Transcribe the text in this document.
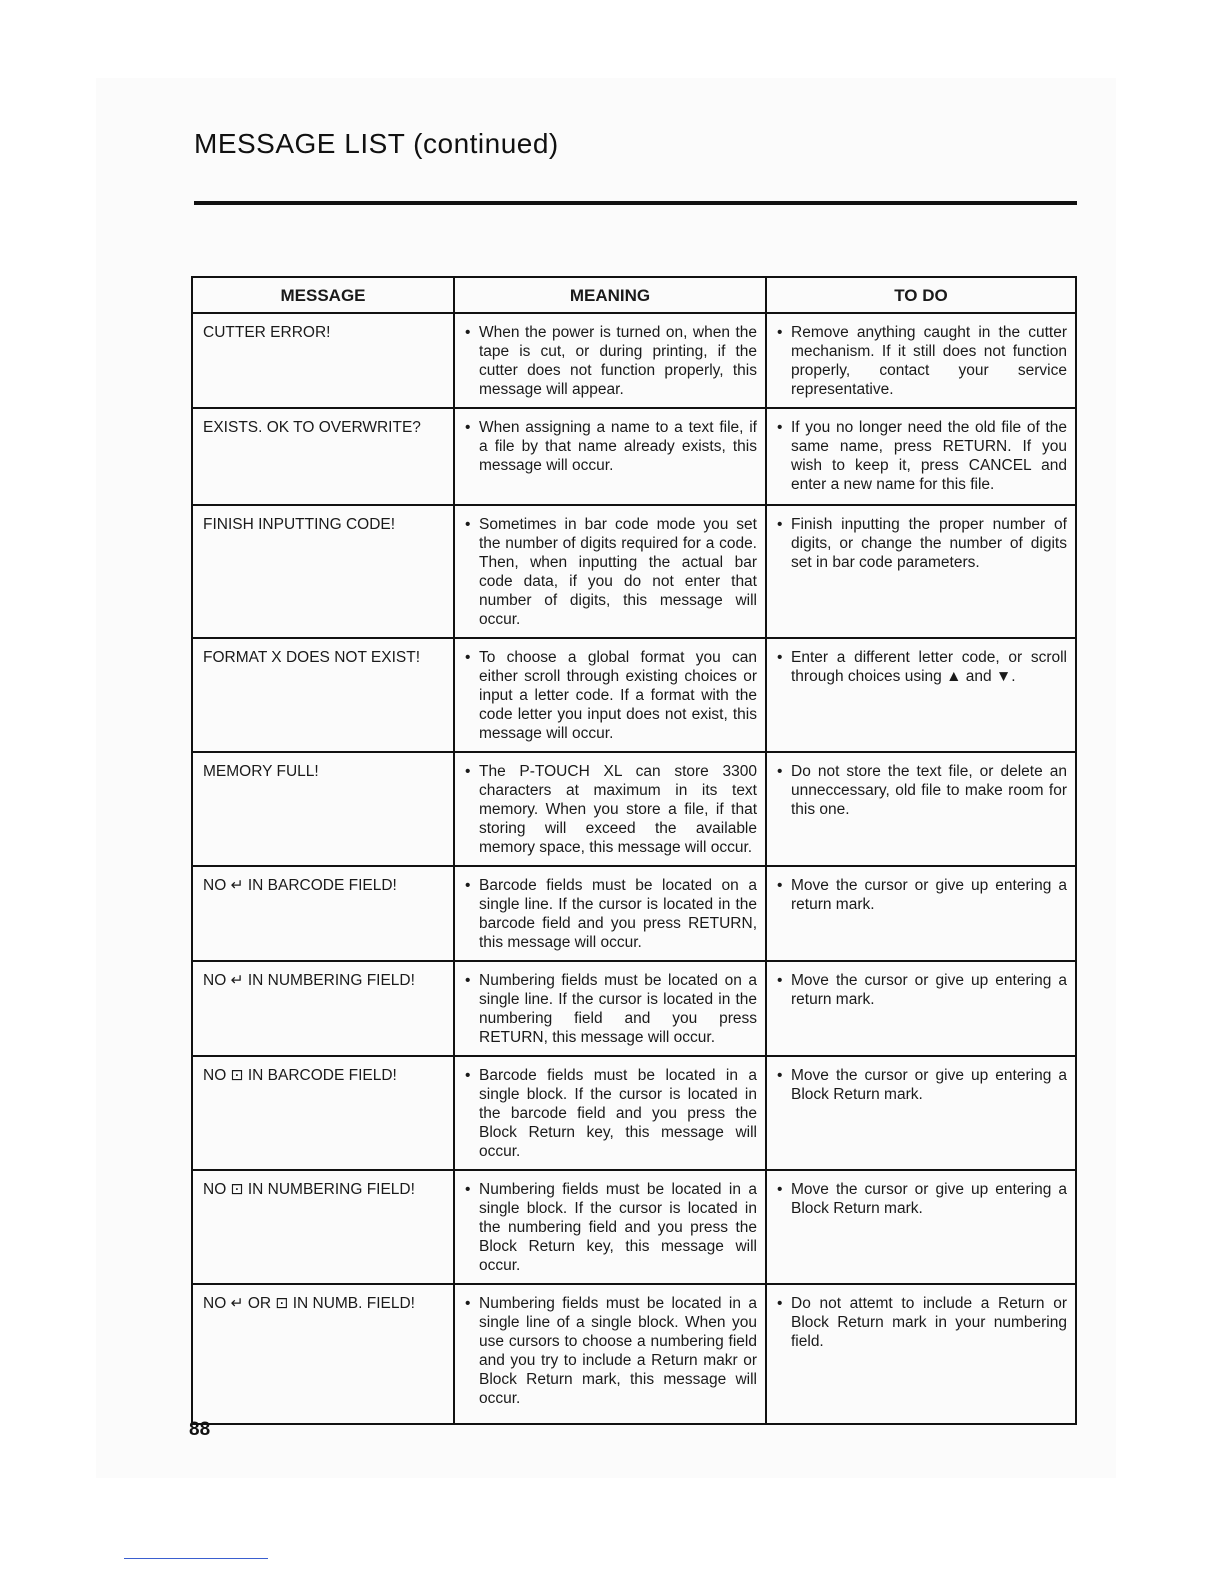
MESSAGE LIST (continued)
MESSAGE	MEANING	TO DO
CUTTER ERROR!	• When the power is turned on, when the tape is cut, or during printing, if the cutter does not function properly, this message will appear.	• Remove anything caught in the cutter mechanism. If it still does not function properly, contact your service representative.

EXISTS. OK TO OVERWRITE?	• When assigning a name to a text file, if a file by that name already exists, this message will occur.	• If you no longer need the old file of the same name, press RETURN. If you wish to keep it, press CANCEL and enter a new name for this file.

FINISH INPUTTING CODE!	• Sometimes in bar code mode you set the number of digits required for a code. Then, when inputting the actual bar code data, if you do not enter that number of digits, this message will occur.	• Finish inputting the proper number of digits, or change the number of digits set in bar code parameters.

FORMAT X DOES NOT EXIST!	• To choose a global format you can either scroll through existing choices or input a letter code. If a format with the code letter you input does not exist, this message will occur.	• Enter a different letter code, or scroll through choices using ▲ and ▼.

MEMORY FULL!	• The P-TOUCH XL can store 3300 characters at maximum in its text memory. When you store a file, if that storing will exceed the available memory space, this message will occur.	• Do not store the text file, or delete an unneccessary, old file to make room for this one.

NO ↵ IN BARCODE FIELD!	• Barcode fields must be located on a single line. If the cursor is located in the barcode field and you press RETURN, this message will occur.	• Move the cursor or give up entering a return mark.

NO ↵ IN NUMBERING FIELD!	• Numbering fields must be located on a single line. If the cursor is located in the numbering field and you press RETURN, this message will occur.	• Move the cursor or give up entering a return mark.

NO ⊡ IN BARCODE FIELD!	• Barcode fields must be located in a single block. If the cursor is located in the barcode field and you press the Block Return key, this message will occur.	• Move the cursor or give up entering a Block Return mark.

NO ⊡ IN NUMBERING FIELD!	• Numbering fields must be located in a single block. If the cursor is located in the numbering field and you press the Block Return key, this message will occur.	• Move the cursor or give up entering a Block Return mark.

NO ↵ OR ⊡ IN NUMB. FIELD!	• Numbering fields must be located in a single line of a single block. When you use cursors to choose a numbering field and you try to include a Return makr or Block Return mark, this message will occur.	• Do not attemt to include a Return or Block Return mark in your numbering field.
88
